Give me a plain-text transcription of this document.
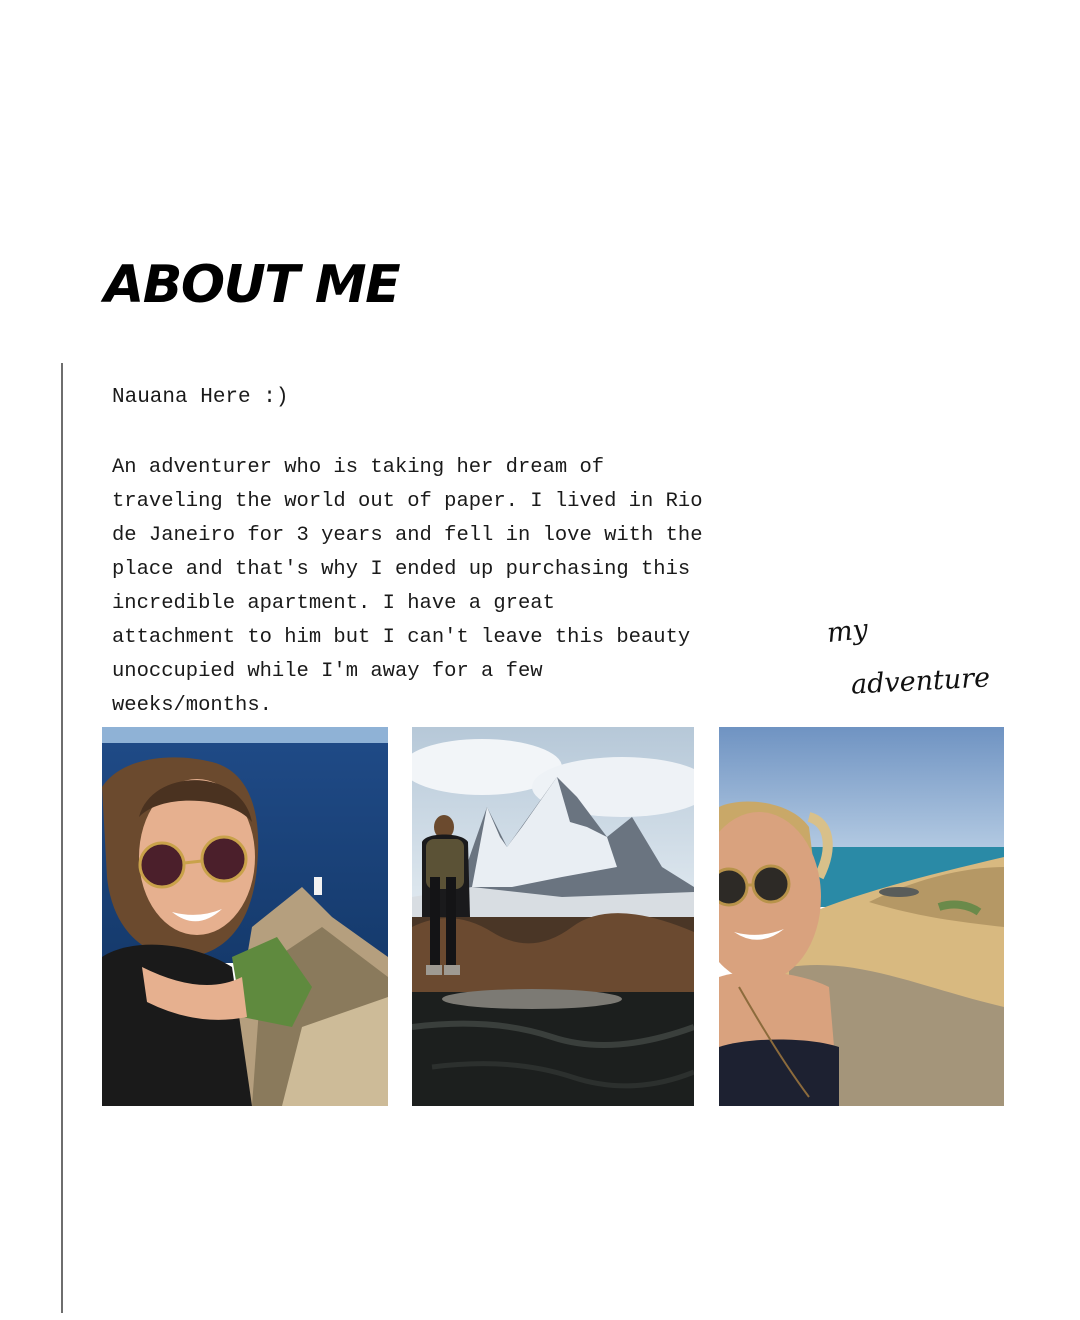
ABOUT ME

Nauana Here :)

An adventurer who is taking her dream of
traveling the world out of paper. I lived in Rio
de Janeiro for 3 years and fell in love with the
place and that's why I ended up purchasing this
incredible apartment. I have a great
attachment to him but I can't leave this beauty
unoccupied while I'm away for a few
weeks/months.

my

adventure
